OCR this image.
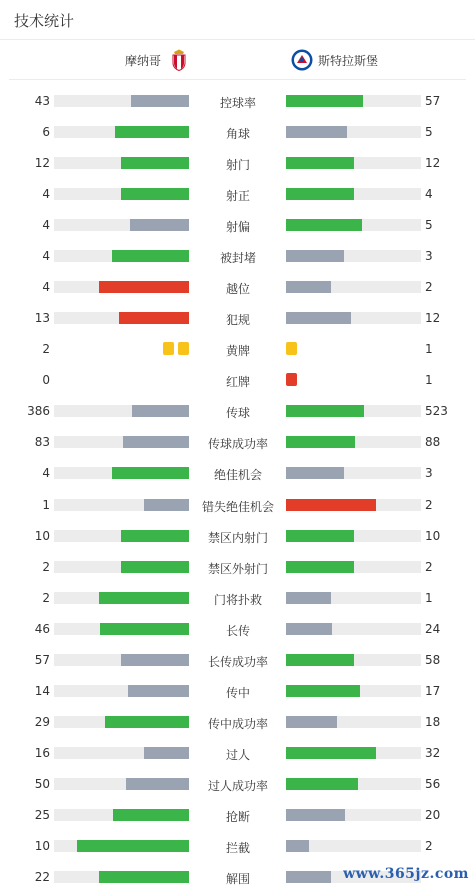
技术统计
摩纳哥	斯特拉斯堡
43	控球率	57
6	角球	5
12	射门	12
4	射正	4
4	射偏	5
4	被封堵	3
4	越位	2
13	犯规	12
2	黄牌	1
0	红牌	1
386	传球	523
83	传球成功率	88
4	绝佳机会	3
1	错失绝佳机会	2
10	禁区内射门	10
2	禁区外射门	2
2	门将扑救	1
46	长传	24
57	长传成功率	58
14	传中	17
29	传中成功率	18
16	过人	32
50	过人成功率	56
25	抢断	20
10	拦截	2
22	解围	www.365jz.com
